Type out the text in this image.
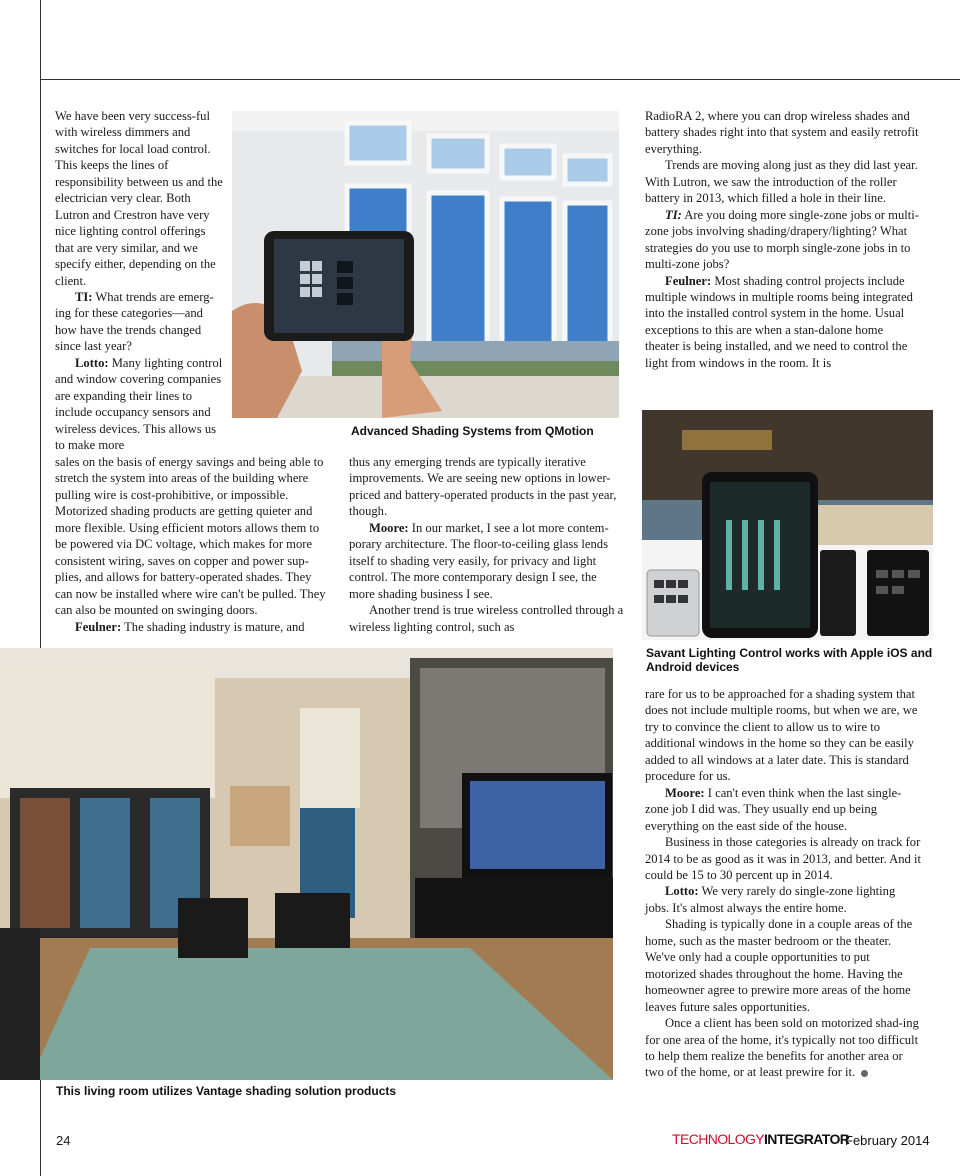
We have been very success-ful with wireless dimmers and switches for local load control. This keeps the lines of responsibility between us and the electrician very clear. Both Lutron and Crestron have very nice lighting control offerings that are very similar, and we specify either, depending on the client.

TI: What trends are emerg-ing for these categories—and how have the trends changed since last year?

Lotto: Many lighting control and window covering companies are expanding their lines to include occupancy sensors and wireless devices. This allows us to make more

sales on the basis of energy savings and being able to stretch the system into areas of the building where pulling wire is cost-prohibitive, or impossible. Motorized shading products are getting quieter and more flexible. Using efficient motors allows them to be powered via DC voltage, which makes for more consistent wiring, saves on copper and power sup-plies, and allows for battery-operated shades. They can now be installed where wire can't be pulled. They can also be mounted on swinging doors.

Feulner: The shading industry is mature, and

thus any emerging trends are typically iterative improvements. We are seeing new options in lower-priced and battery-operated products in the past year, though.

Moore: In our market, I see a lot more contem-porary architecture. The floor-to-ceiling glass lends itself to shading very easily, for privacy and light control. The more contemporary design I see, the more shading business I see.

Another trend is true wireless controlled through a wireless lighting control, such as

RadioRA 2, where you can drop wireless shades and battery shades right into that system and easily retrofit everything.

Trends are moving along just as they did last year. With Lutron, we saw the introduction of the roller battery in 2013, which filled a hole in their line.

TI: Are you doing more single-zone jobs or multi-zone jobs involving shading/drapery/lighting? What strategies do you use to morph single-zone jobs in to multi-zone jobs?

Feulner: Most shading control projects include multiple windows in multiple rooms being integrated into the installed control system in the home. Usual exceptions to this are when a stan-dalone home theater is being installed, and we need to control the light from windows in the room. It is

rare for us to be approached for a shading system that does not include multiple rooms, but when we are, we try to convince the client to allow us to wire to additional windows in the home so they can be easily added to all windows at a later date. This is standard procedure for us.

Moore: I can't even think when the last single-zone job I did was. They usually end up being everything on the east side of the house.

Business in those categories is already on track for 2014 to be as good as it was in 2013, and better. And it could be 15 to 30 percent up in 2014.

Lotto: We very rarely do single-zone lighting jobs. It's almost always the entire home.

Shading is typically done in a couple areas of the home, such as the master bedroom or the theater. We've only had a couple opportunities to put motorized shades throughout the home. Having the homeowner agree to prewire more areas of the home leaves future sales opportunities.

Once a client has been sold on motorized shad-ing for one area of the home, it's typically not too difficult to help them realize the benefits for another area or two of the home, or at least prewire for it.

Advanced Shading Systems from QMotion
Savant Lighting Control works with Apple iOS and Android devices
This living room utilizes Vantage shading solution products
24	TECHNOLOGYINTEGRATOR
February 2014
